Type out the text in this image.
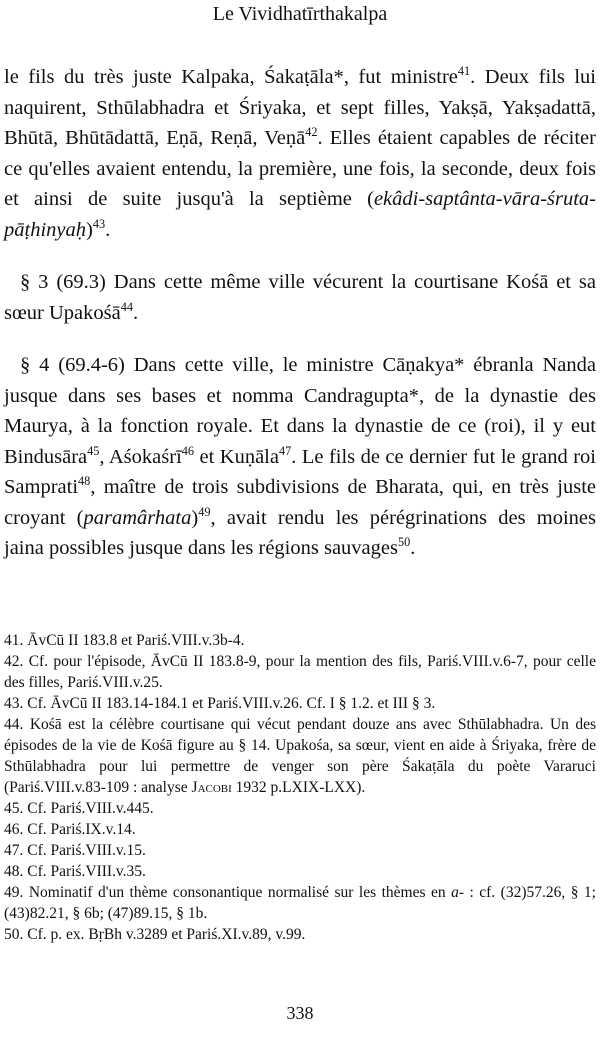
Le Vividhatīrthakalpa

le fils du très juste Kalpaka, Śakaṭāla*, fut ministre$^{41}$. Deux fils lui naquirent, Sthūlabhadra et Śriyaka, et sept filles, Yakṣā, Yakṣadattā, Bhūtā, Bhūtādattā, Eṇā, Reṇā, Veṇā$^{42}$. Elles étaient capables de réciter ce qu'elles avaient entendu, la première, une fois, la seconde, deux fois et ainsi de suite jusqu'à la septième (ekâdi-saptânta-vāra-śruta-pāṭhinyaḥ)$^{43}$.

§ 3 (69.3) Dans cette même ville vécurent la courtisane Kośā et sa sœur Upakośā$^{44}$.

§ 4 (69.4-6) Dans cette ville, le ministre Cāṇakya* ébranla Nanda jusque dans ses bases et nomma Candragupta*, de la dynastie des Maurya, à la fonction royale. Et dans la dynastie de ce (roi), il y eut Bindusāra$^{45}$, Aśokaśrī$^{46}$ et Kuṇāla$^{47}$. Le fils de ce dernier fut le grand roi Samprati$^{48}$, maître de trois subdivisions de Bharata, qui, en très juste croyant (paramârhata)$^{49}$, avait rendu les pérégrinations des moines jaina possibles jusque dans les régions sauvages$^{50}$.

41. ĀvCū II 183.8 et Pariś.VIII.v.3b-4.

42. Cf. pour l'épisode, ĀvCū II 183.8-9, pour la mention des fils, Pariś.VIII.v.6-7, pour celle des filles, Pariś.VIII.v.25.

43. Cf. ĀvCū II 183.14-184.1 et Pariś.VIII.v.26. Cf. I § 1.2. et III § 3.

44. Kośā est la célèbre courtisane qui vécut pendant douze ans avec Sthūlabhadra. Un des épisodes de la vie de Kośā figure au § 14. Upakośa, sa sœur, vient en aide à Śriyaka, frère de Sthūlabhadra pour lui permettre de venger son père Śakaṭāla du poète Vararuci (Pariś.VIII.v.83-109 : analyse Jacobi 1932 p.LXIX-LXX).

45. Cf. Pariś.VIII.v.445.

46. Cf. Pariś.IX.v.14.

47. Cf. Pariś.VIII.v.15.

48. Cf. Pariś.VIII.v.35.

49. Nominatif d'un thème consonantique normalisé sur les thèmes en a- : cf. (32)57.26, § 1; (43)82.21, § 6b; (47)89.15, § 1b.

50. Cf. p. ex. BṛBh v.3289 et Pariś.XI.v.89, v.99.

338
